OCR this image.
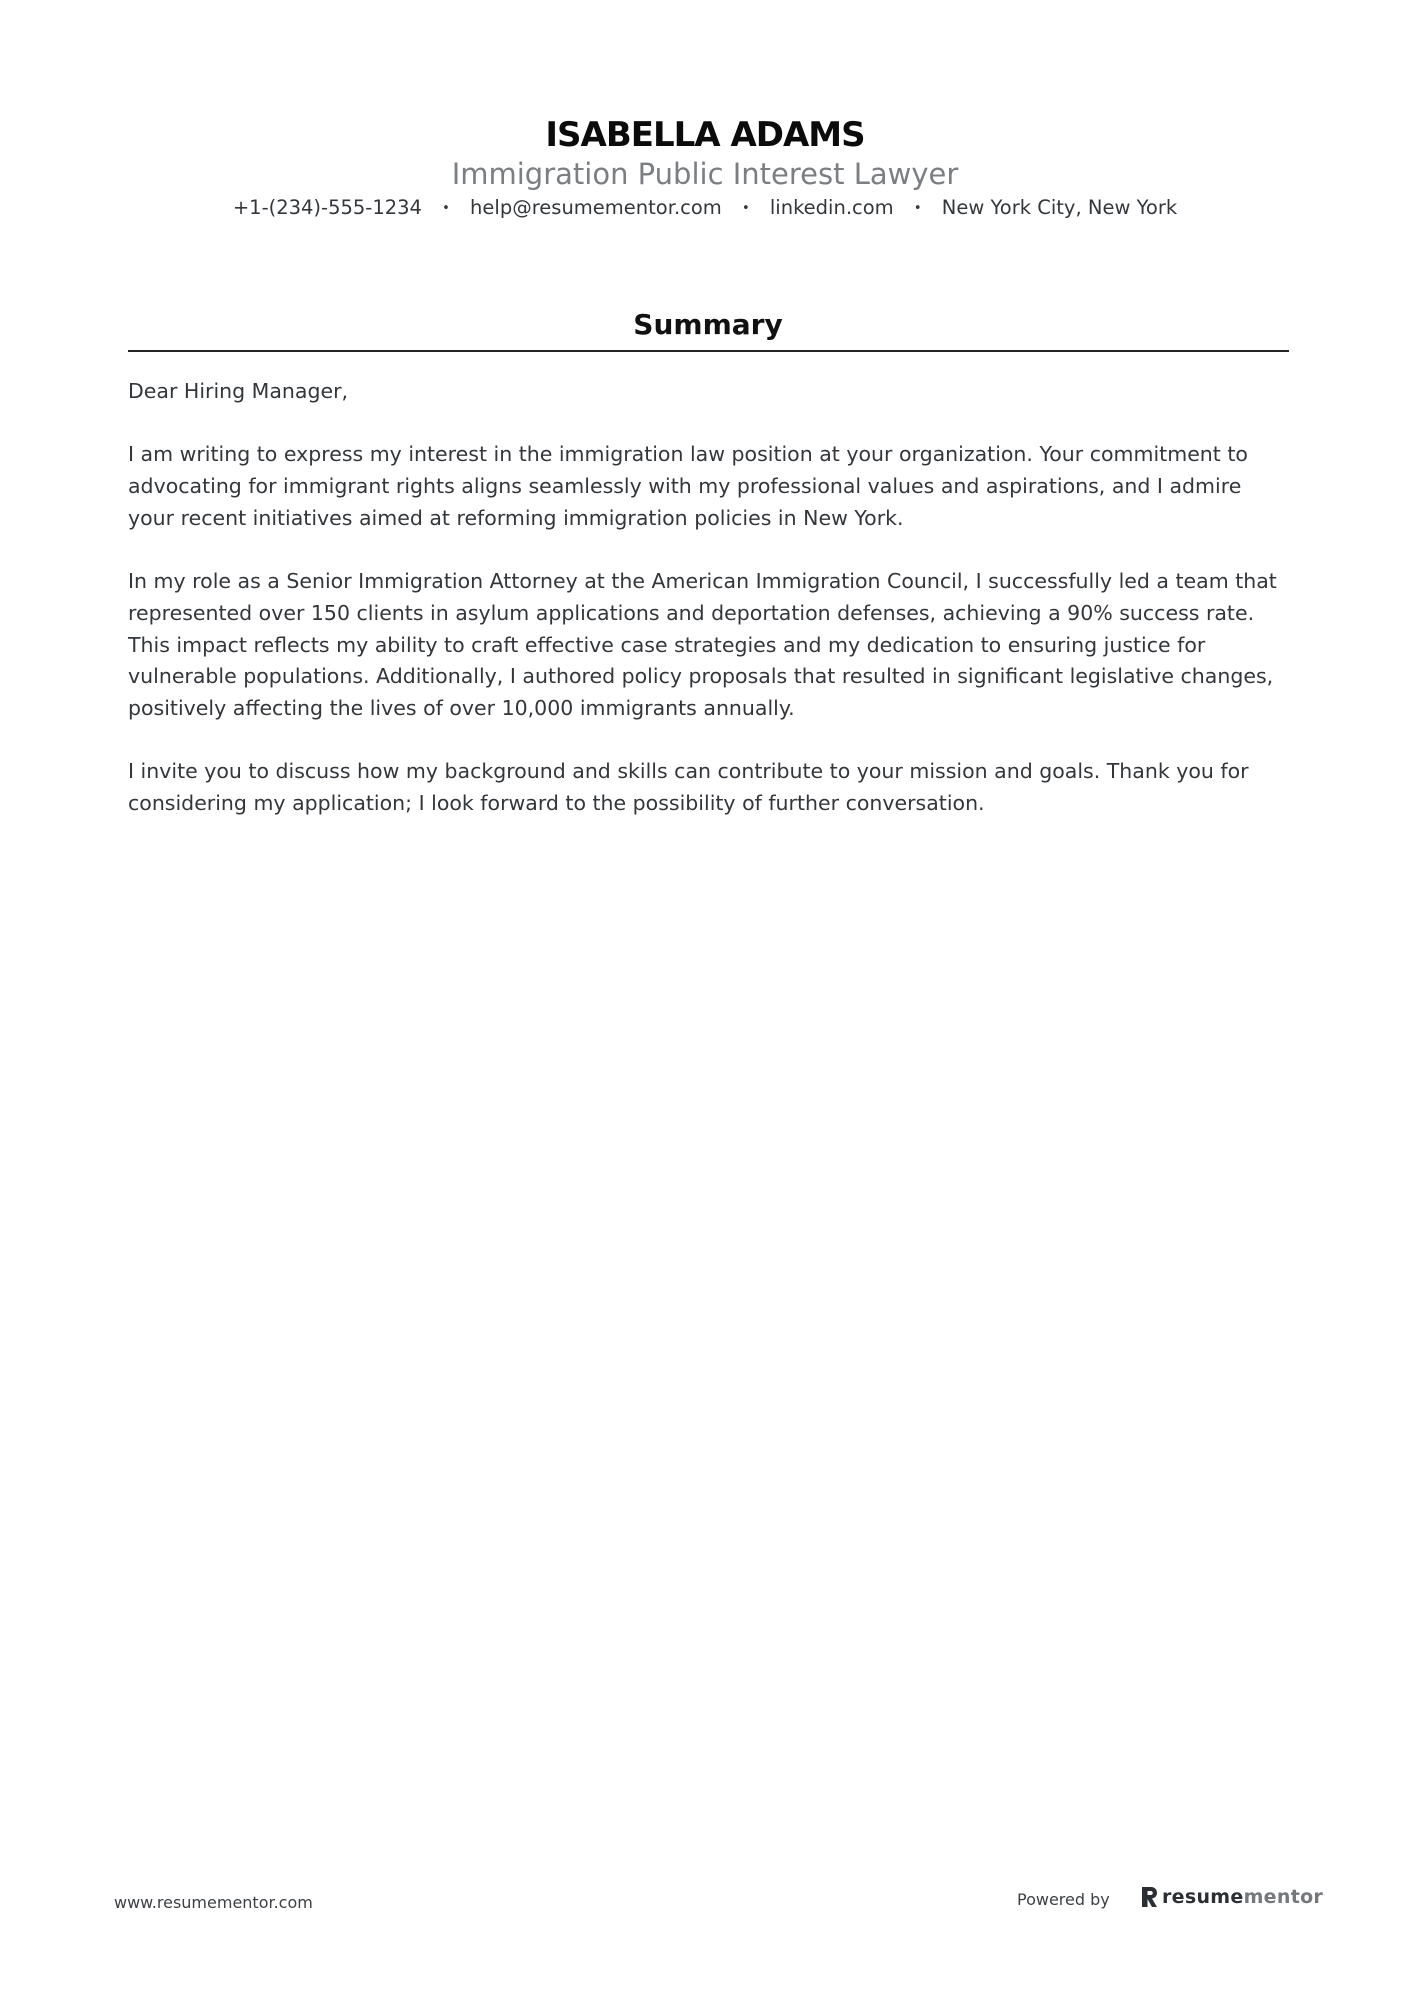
ISABELLA ADAMS
Immigration Public Interest Lawyer
+1-(234)-555-1234 • help@resumementor.com • linkedin.com • New York City, New York
Summary

Dear Hiring Manager,

I am writing to express my interest in the immigration law position at your organization. Your commitment to advocating for immigrant rights aligns seamlessly with my professional values and aspirations, and I admire your recent initiatives aimed at reforming immigration policies in New York.

In my role as a Senior Immigration Attorney at the American Immigration Council, I successfully led a team that represented over 150 clients in asylum applications and deportation defenses, achieving a 90% success rate. This impact reflects my ability to craft effective case strategies and my dedication to ensuring justice for vulnerable populations. Additionally, I authored policy proposals that resulted in significant legislative changes, positively affecting the lives of over 10,000 immigrants annually.

I invite you to discuss how my background and skills can contribute to your mission and goals. Thank you for considering my application; I look forward to the possibility of further conversation.

www.resumementor.com	Powered by	resumementor
